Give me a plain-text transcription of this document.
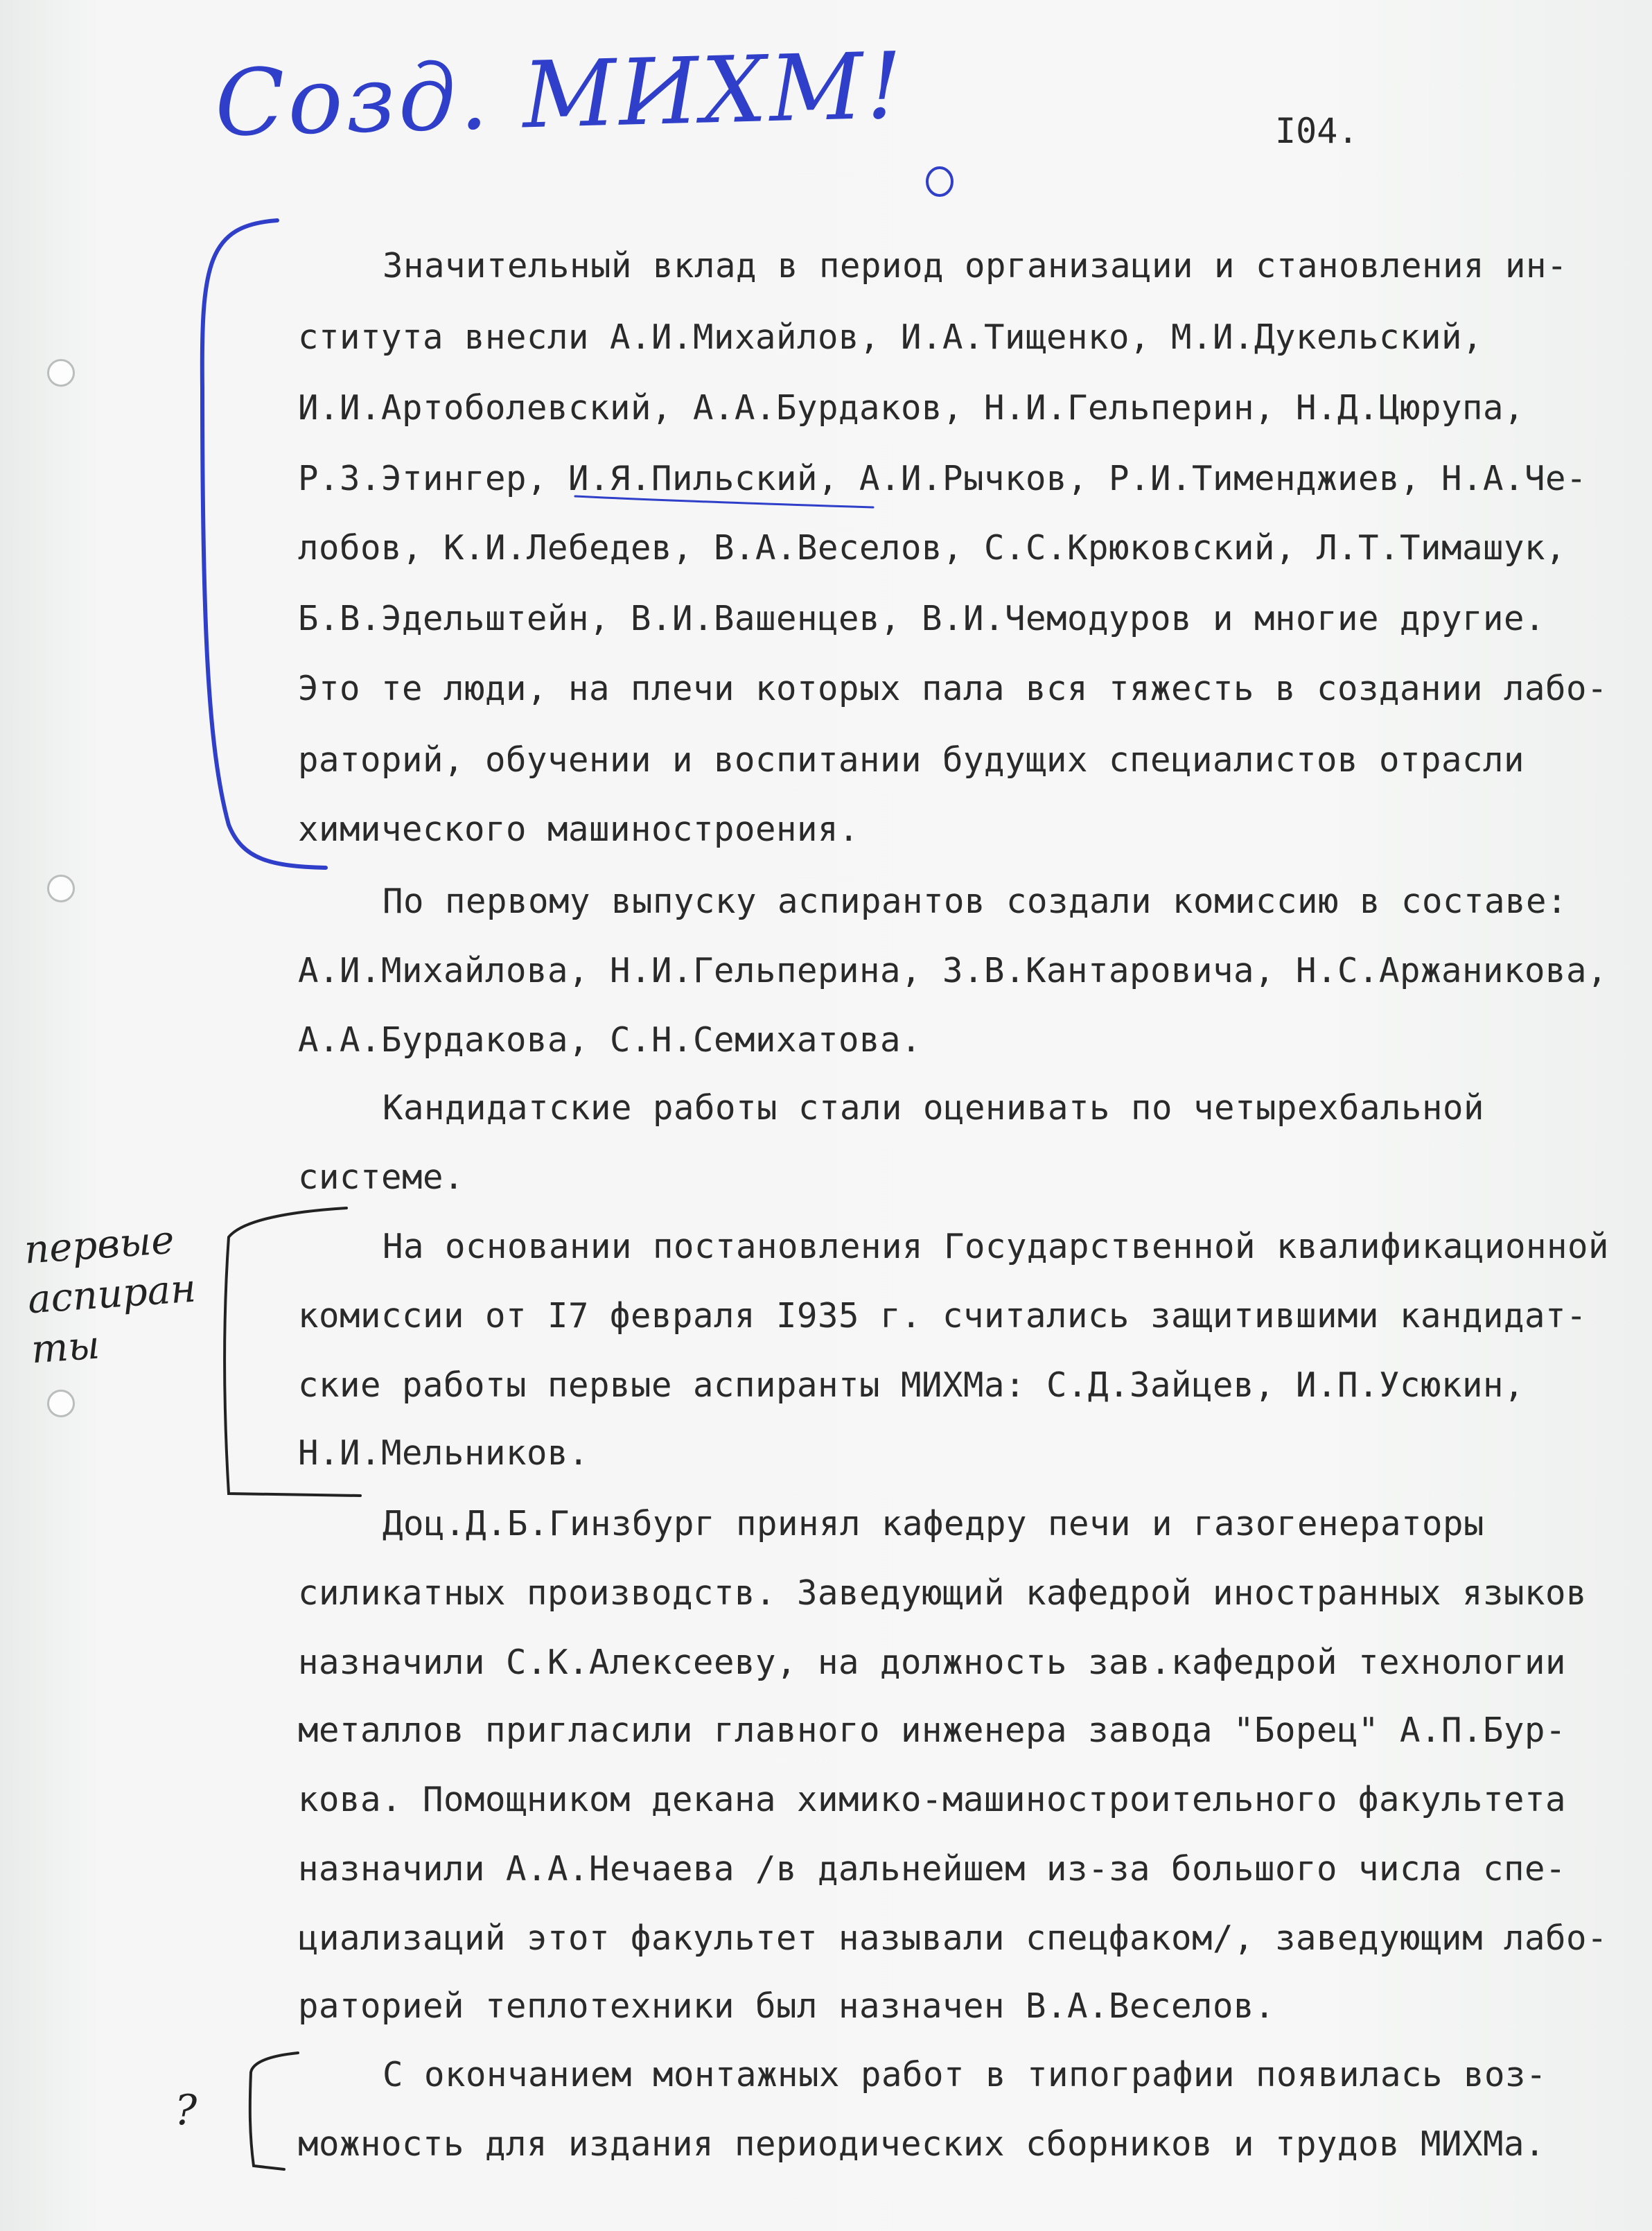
Созд. МИХМ!	I04.
первые
аспиран
ты
?
Значительный вклад в период организации и становления ин-
ститута внесли А.И.Михайлов, И.А.Тищенко, М.И.Дукельский,
И.И.Артоболевский, А.А.Бурдаков, Н.И.Гельперин, Н.Д.Цюрупа,
Р.З.Этингер, И.Я.Пильский, А.И.Рычков, Р.И.Тименджиев, Н.А.Че-
лобов, К.И.Лебедев, В.А.Веселов, С.С.Крюковский, Л.Т.Тимашук,
Б.В.Эдельштейн, В.И.Вашенцев, В.И.Чемодуров и многие другие.
Это те люди, на плечи которых пала вся тяжесть в создании лабо-
раторий, обучении и воспитании будущих специалистов отрасли
химического машиностроения.
По первому выпуску аспирантов создали комиссию в составе:
А.И.Михайлова, Н.И.Гельперина, З.В.Кантаровича, Н.С.Аржаникова,
А.А.Бурдакова, С.Н.Семихатова.
Кандидатские работы стали оценивать по четырехбальной
системе.
На основании постановления Государственной квалификационной
комиссии от I7 февраля I935 г. считались защитившими кандидат-
ские работы первые аспиранты МИХМа: С.Д.Зайцев, И.П.Усюкин,
Н.И.Мельников.
Доц.Д.Б.Гинзбург принял кафедру печи и газогенераторы
силикатных производств. Заведующий кафедрой иностранных языков
назначили С.К.Алексееву, на должность зав.кафедрой технологии
металлов пригласили главного инженера завода "Борец" А.П.Бур-
кова. Помощником декана химико-машиностроительного факультета
назначили А.А.Нечаева /в дальнейшем из-за большого числа спе-
циализаций этот факультет называли спецфаком/, заведующим лабо-
раторией теплотехники был назначен В.А.Веселов.
С окончанием монтажных работ в типографии появилась воз-
можность для издания периодических сборников и трудов МИХМа.
